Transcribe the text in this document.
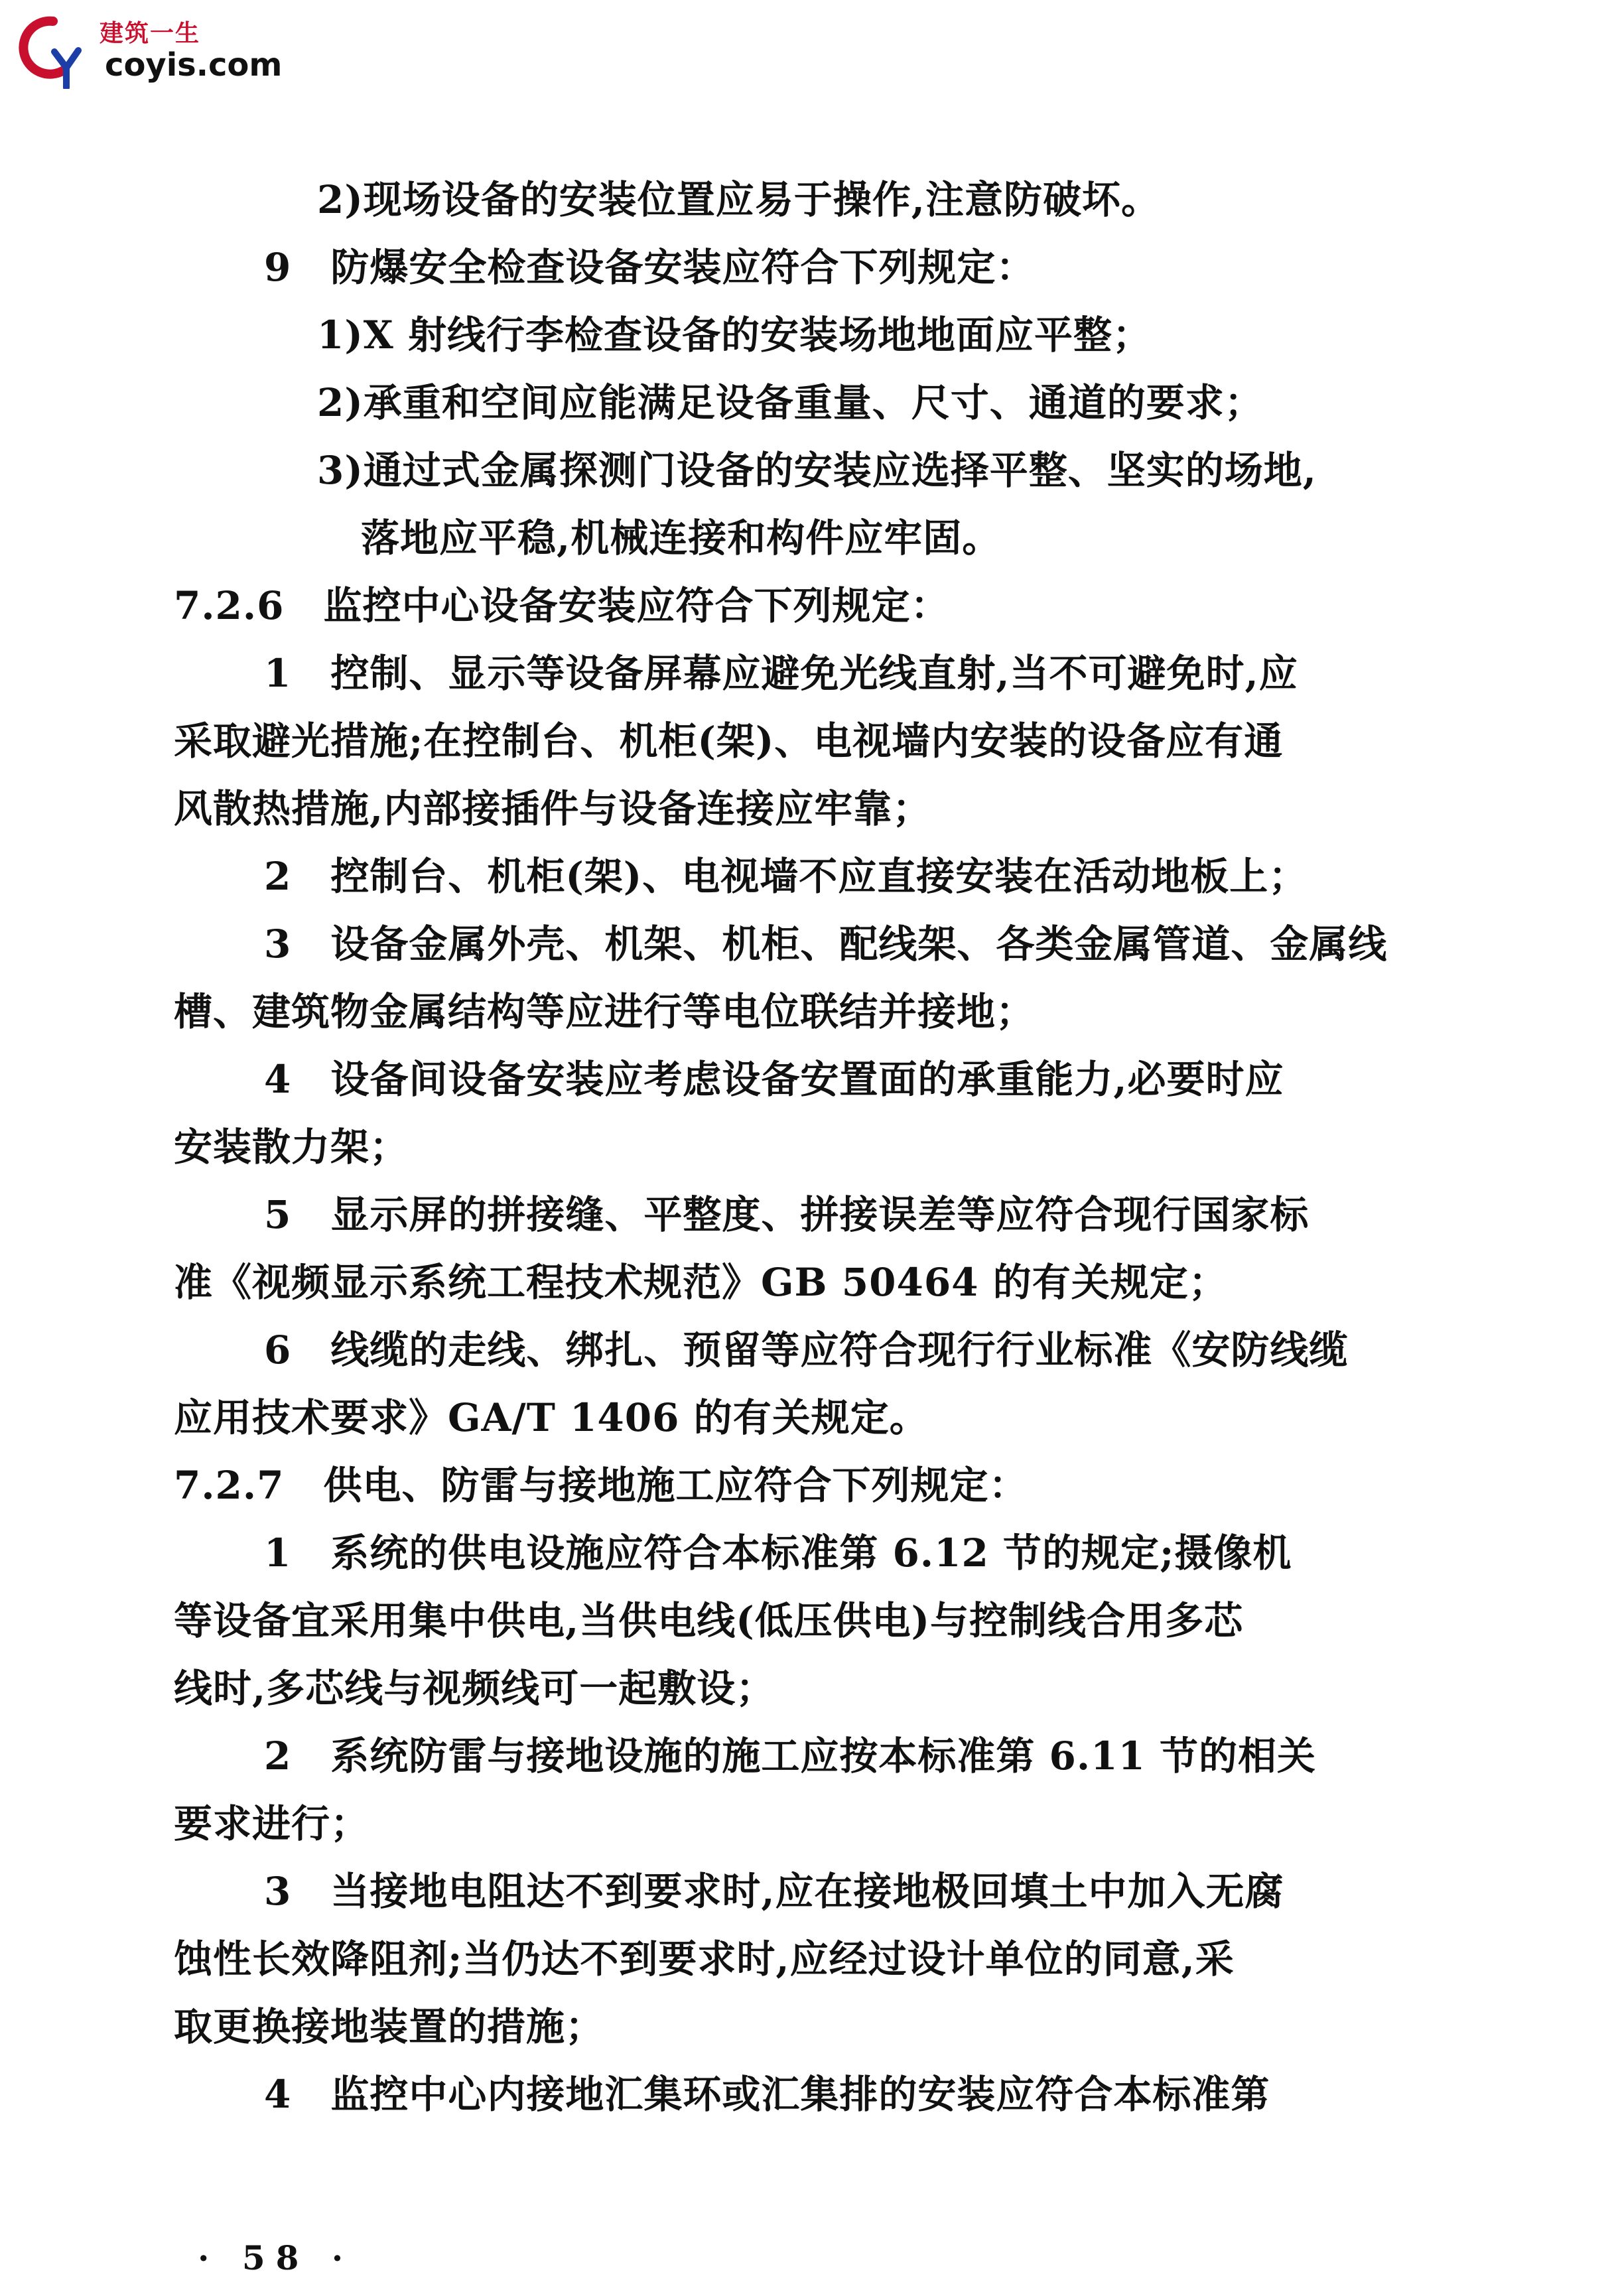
建筑一生
coyis.com
2)现场设备的安装位置应易于操作,注意防破坏。
9　防爆安全检查设备安装应符合下列规定：
1)X 射线行李检查设备的安装场地地面应平整；
2)承重和空间应能满足设备重量、尺寸、通道的要求；
3)通过式金属探测门设备的安装应选择平整、坚实的场地,
落地应平稳,机械连接和构件应牢固。
7.2.6　监控中心设备安装应符合下列规定：
1　控制、显示等设备屏幕应避免光线直射,当不可避免时,应
采取避光措施;在控制台、机柜(架)、电视墙内安装的设备应有通
风散热措施,内部接插件与设备连接应牢靠；
2　控制台、机柜(架)、电视墙不应直接安装在活动地板上；
3　设备金属外壳、机架、机柜、配线架、各类金属管道、金属线
槽、建筑物金属结构等应进行等电位联结并接地；
4　设备间设备安装应考虑设备安置面的承重能力,必要时应
安装散力架；
5　显示屏的拼接缝、平整度、拼接误差等应符合现行国家标
准《视频显示系统工程技术规范》GB 50464 的有关规定；
6　线缆的走线、绑扎、预留等应符合现行行业标准《安防线缆
应用技术要求》GA/T 1406 的有关规定。
7.2.7　供电、防雷与接地施工应符合下列规定：
1　系统的供电设施应符合本标准第 6.12 节的规定;摄像机
等设备宜采用集中供电,当供电线(低压供电)与控制线合用多芯
线时,多芯线与视频线可一起敷设；
2　系统防雷与接地设施的施工应按本标准第 6.11 节的相关
要求进行；
3　当接地电阻达不到要求时,应在接地极回填土中加入无腐
蚀性长效降阻剂;当仍达不到要求时,应经过设计单位的同意,采
取更换接地装置的措施；
4　监控中心内接地汇集环或汇集排的安装应符合本标准第
· 58 ·
